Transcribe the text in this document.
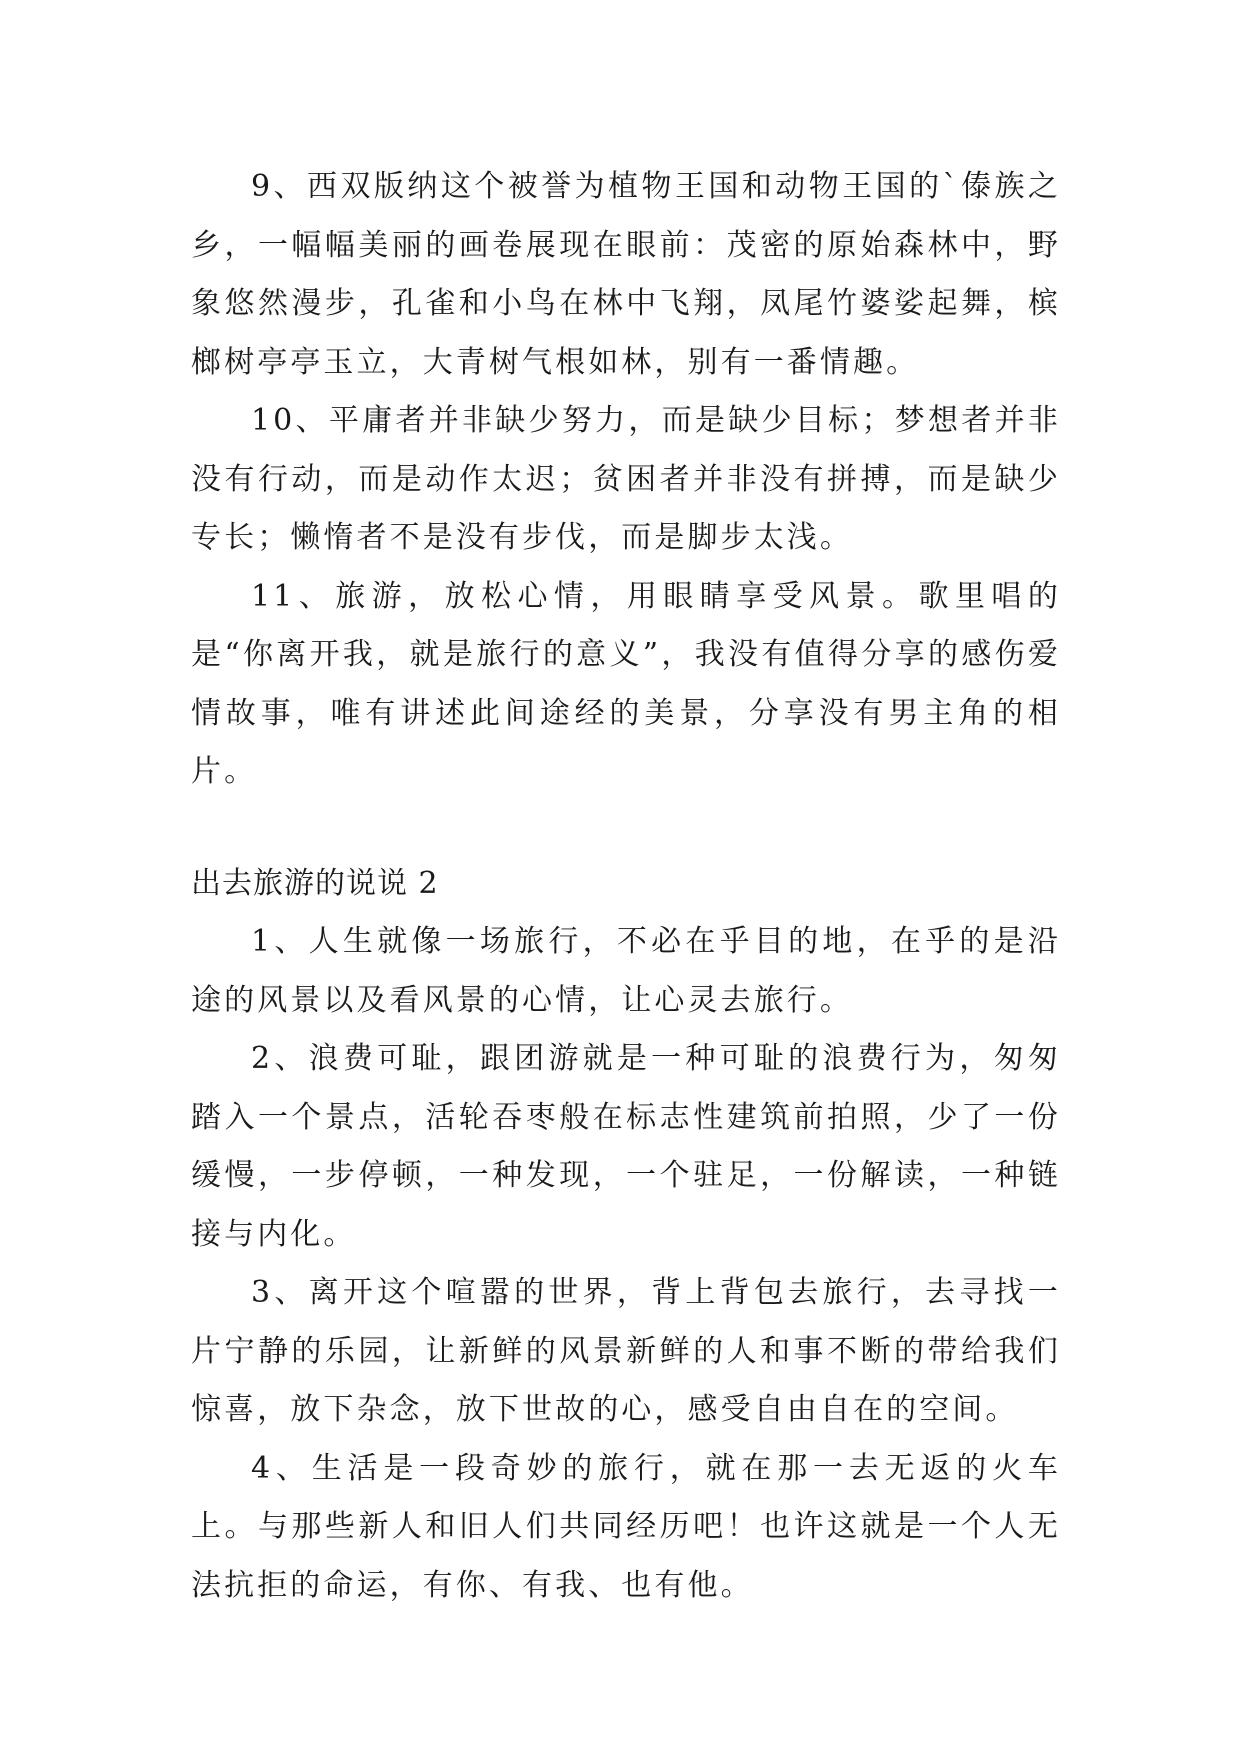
9、西双版纳这个被誉为植物王国和动物王国的`傣族之乡，一幅幅美丽的画卷展现在眼前：茂密的原始森林中，野象悠然漫步，孔雀和小鸟在林中飞翔，凤尾竹婆娑起舞，槟榔树亭亭玉立，大青树气根如林，别有一番情趣。

10、平庸者并非缺少努力，而是缺少目标；梦想者并非没有行动，而是动作太迟；贫困者并非没有拼搏，而是缺少专长；懒惰者不是没有步伐，而是脚步太浅。

11、旅游，放松心情，用眼睛享受风景。歌里唱的是“你离开我，就是旅行的意义”，我没有值得分享的感伤爱情故事，唯有讲述此间途经的美景，分享没有男主角的相片。

出去旅游的说说 2

1、人生就像一场旅行，不必在乎目的地，在乎的是沿途的风景以及看风景的心情，让心灵去旅行。

2、浪费可耻，跟团游就是一种可耻的浪费行为，匆匆踏入一个景点，活轮吞枣般在标志性建筑前拍照，少了一份缓慢，一步停顿，一种发现，一个驻足，一份解读，一种链接与内化。

3、离开这个喧嚣的世界，背上背包去旅行，去寻找一片宁静的乐园，让新鲜的风景新鲜的人和事不断的带给我们惊喜，放下杂念，放下世故的心，感受自由自在的空间。

4、生活是一段奇妙的旅行，就在那一去无返的火车上。与那些新人和旧人们共同经历吧！也许这就是一个人无法抗拒的命运，有你、有我、也有他。
